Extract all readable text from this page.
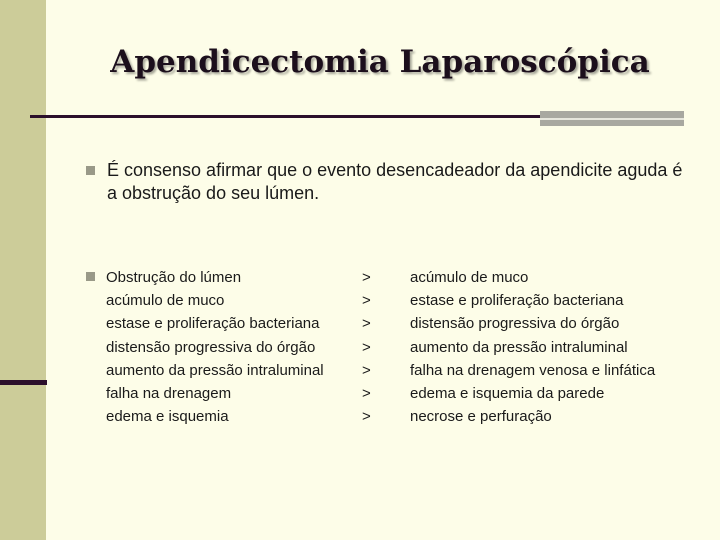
Apendicectomia Laparoscópica
É consenso afirmar que o evento desencadeador da apendicite aguda é a obstrução do seu lúmen.
Obstrução do lúmen
acúmulo de muco
estase e proliferação bacteriana
distensão progressiva do órgão
aumento da pressão intraluminal
falha na drenagem
edema e isquemia
>
>
>
>
>
>
>
acúmulo de muco
estase e proliferação bacteriana
distensão progressiva do órgão
aumento da pressão intraluminal
falha na drenagem venosa e linfática
edema e isquemia da parede
necrose e perfuração
